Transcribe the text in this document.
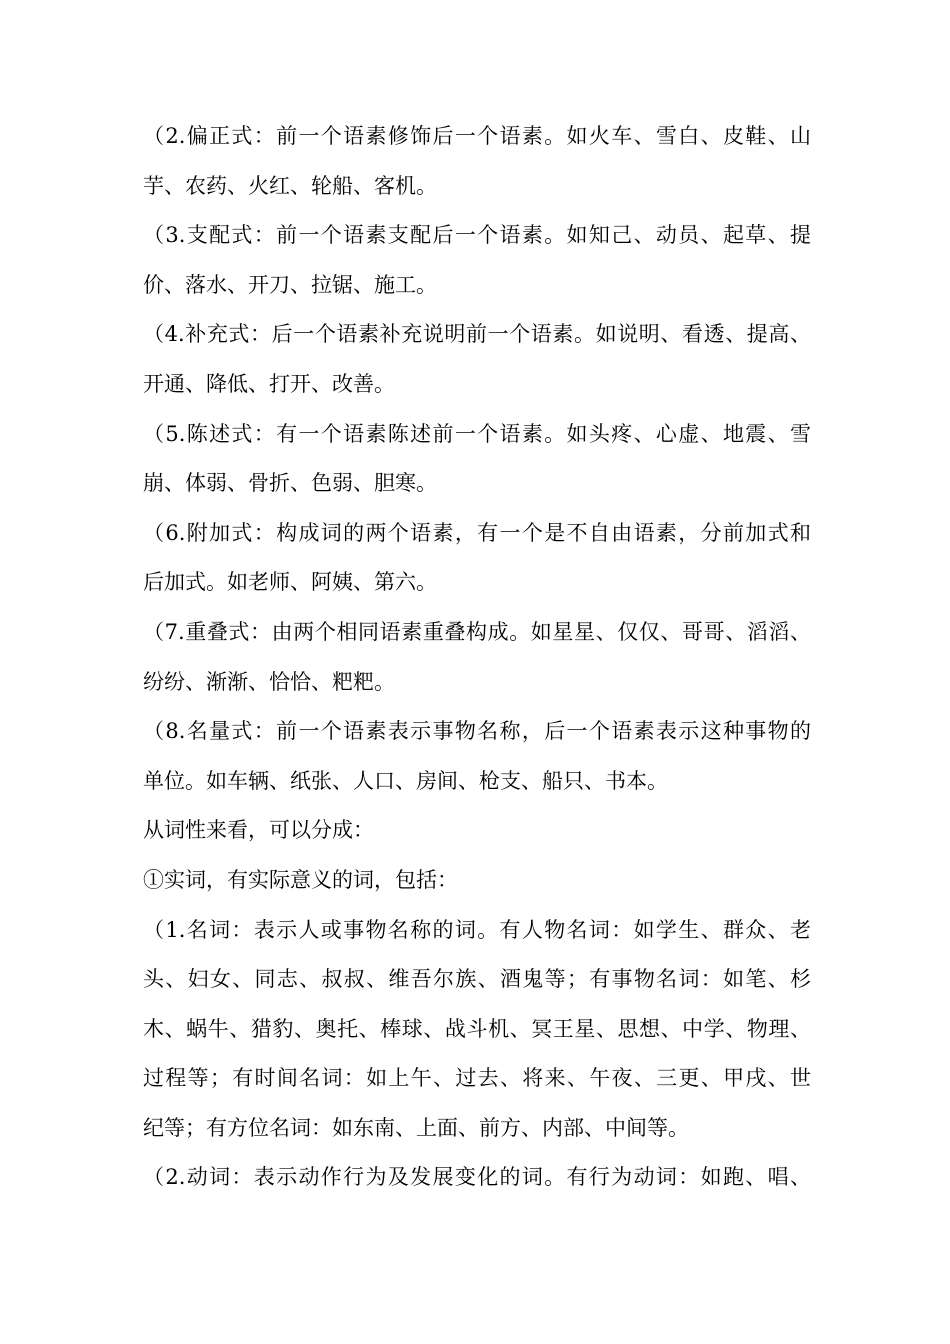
（2.偏正式：前一个语素修饰后一个语素。如火车、雪白、皮鞋、山
芋、农药、火红、轮船、客机。
（3.支配式：前一个语素支配后一个语素。如知己、动员、起草、提
价、落水、开刀、拉锯、施工。
（4.补充式：后一个语素补充说明前一个语素。如说明、看透、提高、
开通、降低、打开、改善。
（5.陈述式：有一个语素陈述前一个语素。如头疼、心虚、地震、雪
崩、体弱、骨折、色弱、胆寒。
（6.附加式：构成词的两个语素，有一个是不自由语素，分前加式和
后加式。如老师、阿姨、第六。
（7.重叠式：由两个相同语素重叠构成。如星星、仅仅、哥哥、滔滔、
纷纷、渐渐、恰恰、粑粑。
（8.名量式：前一个语素表示事物名称，后一个语素表示这种事物的
单位。如车辆、纸张、人口、房间、枪支、船只、书本。
从词性来看，可以分成：
①实词，有实际意义的词，包括：
（1.名词：表示人或事物名称的词。有人物名词：如学生、群众、老
头、妇女、同志、叔叔、维吾尔族、酒鬼等；有事物名词：如笔、杉
木、蜗牛、猎豹、奥托、棒球、战斗机、冥王星、思想、中学、物理、
过程等；有时间名词：如上午、过去、将来、午夜、三更、甲戌、世
纪等；有方位名词：如东南、上面、前方、内部、中间等。
（2.动词：表示动作行为及发展变化的词。有行为动词：如跑、唱、
